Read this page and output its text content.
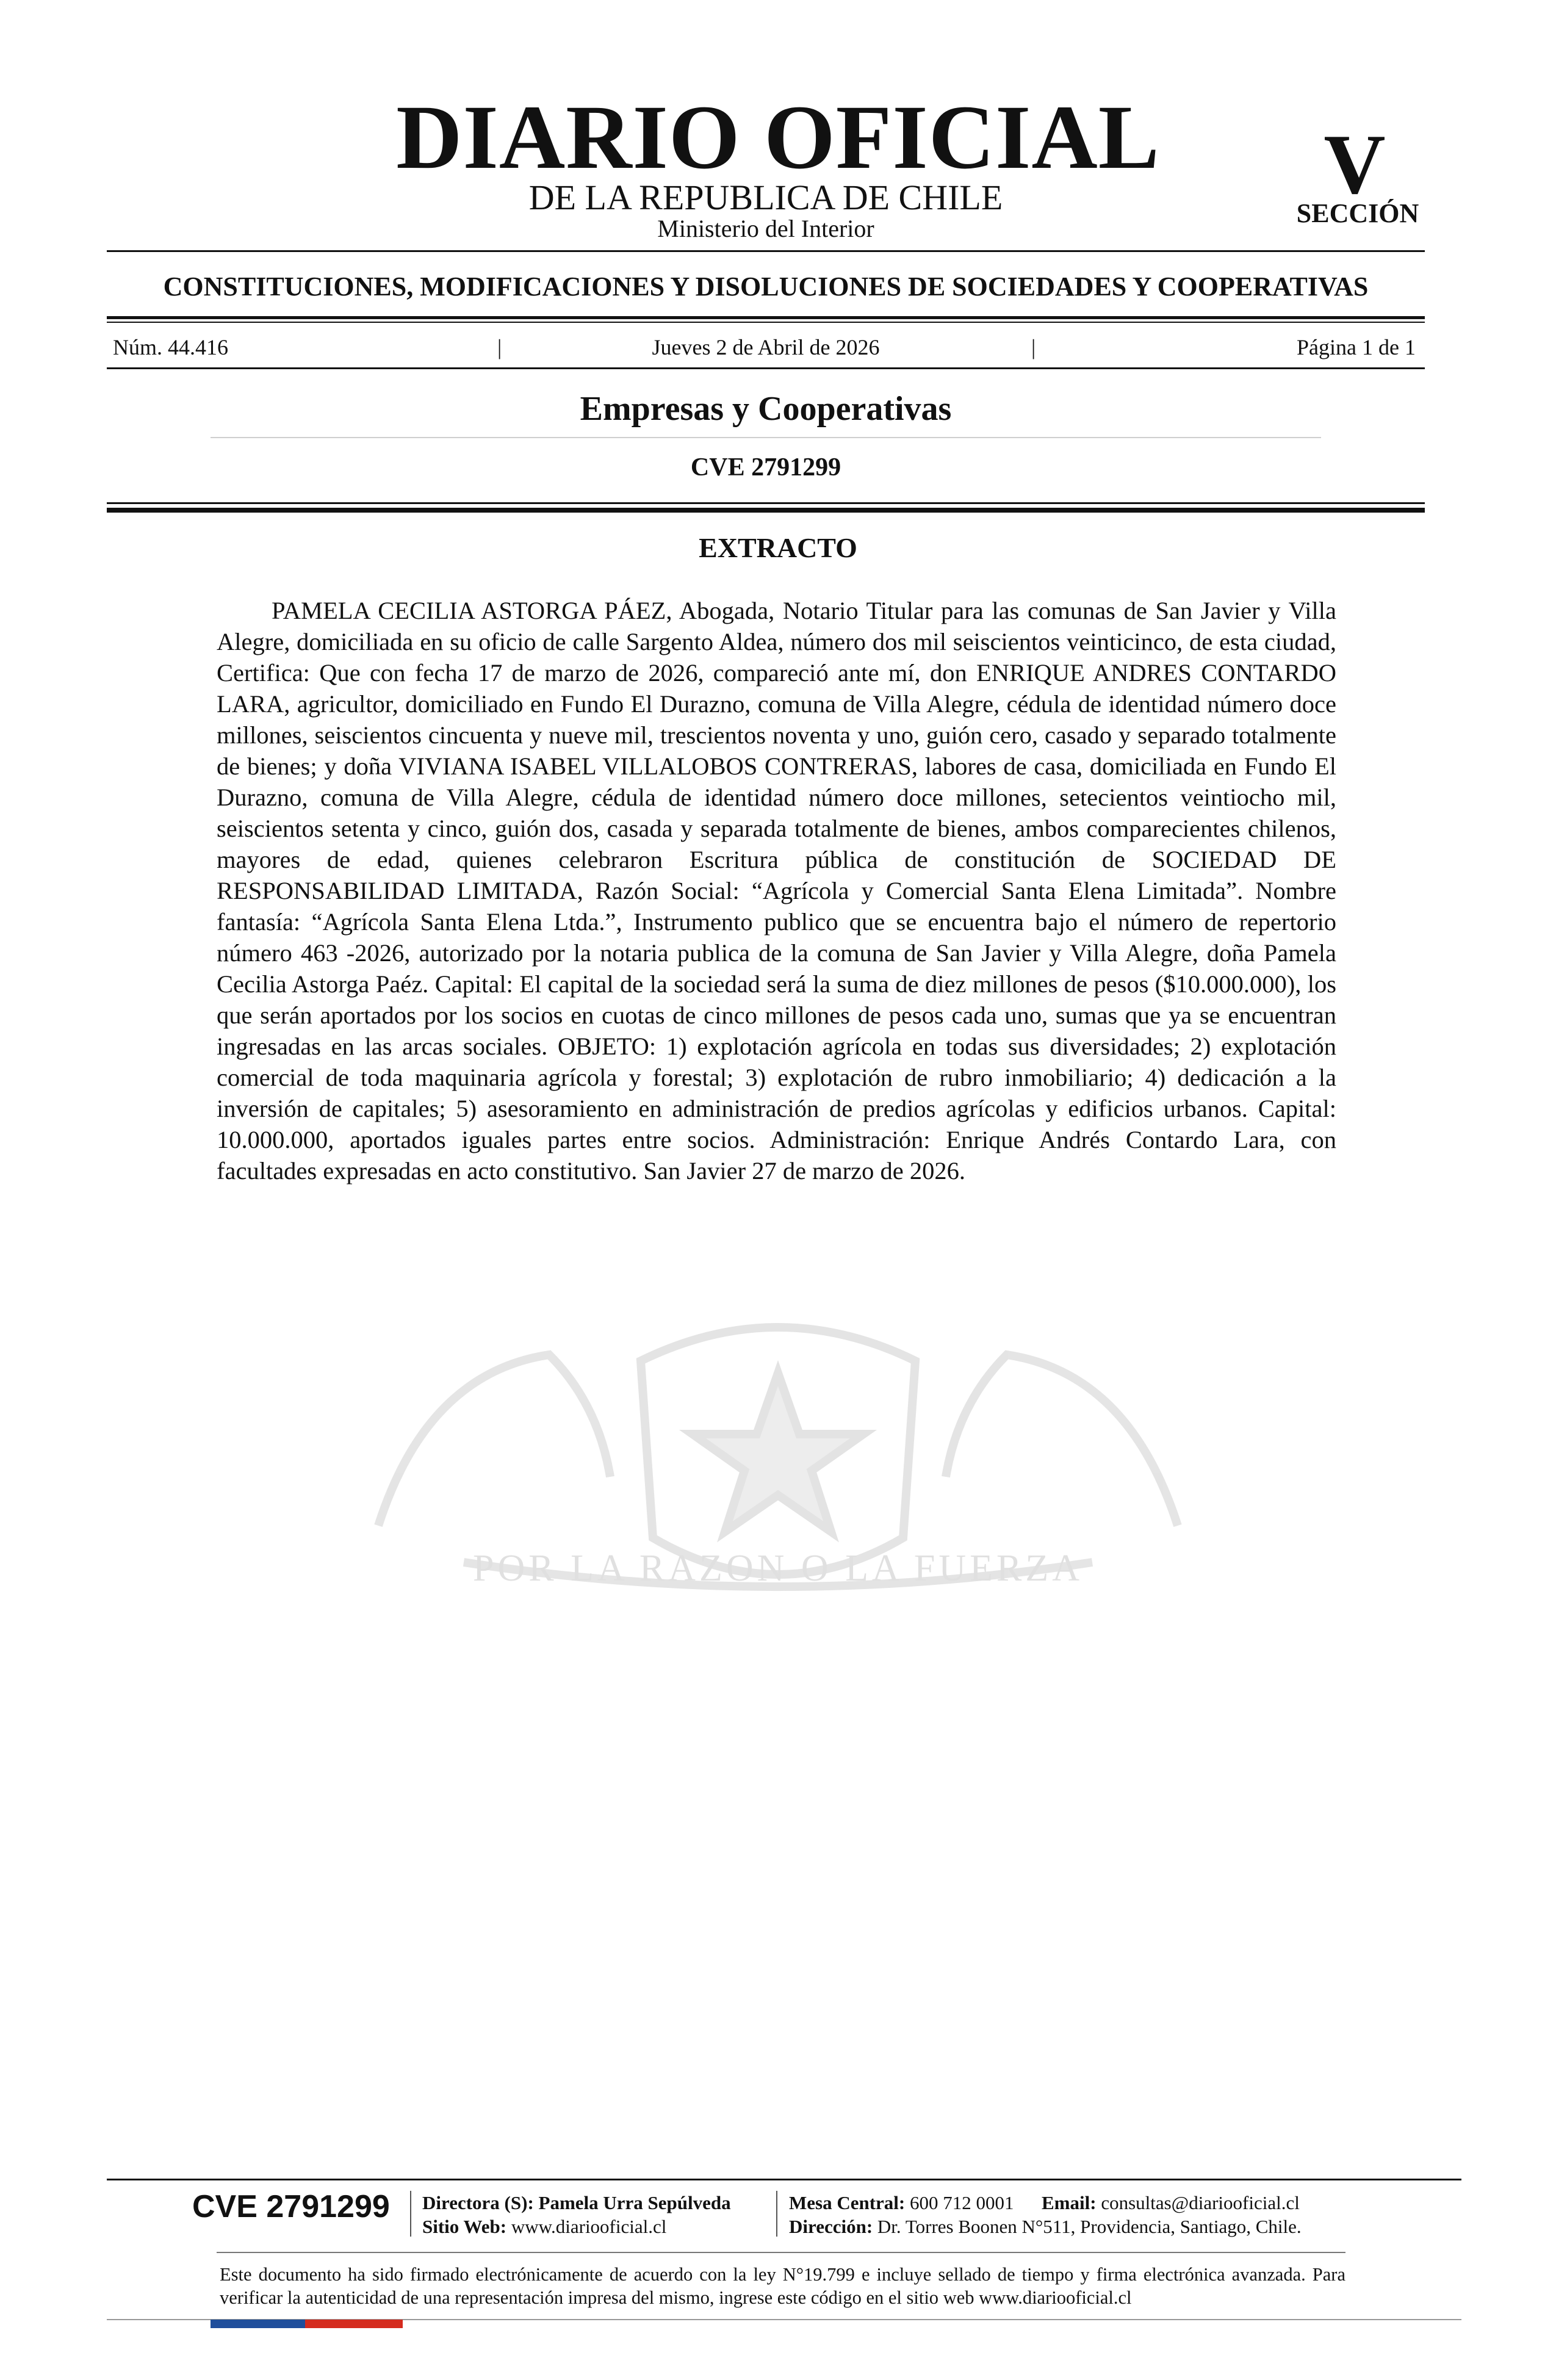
POR LA RAZON O LA FUERZA
DIARIO OFICIAL
DE LA REPUBLICA DE CHILE
Ministerio del Interior
V
SECCIÓN
CONSTITUCIONES, MODIFICACIONES Y DISOLUCIONES DE SOCIEDADES Y COOPERATIVAS
Núm. 44.416	|	Jueves 2 de Abril de 2026	|	Página 1 de 1
Empresas y Cooperativas
CVE 2791299
EXTRACTO

PAMELA CECILIA ASTORGA PÁEZ, Abogada, Notario Titular para las comunas de San Javier y Villa Alegre, domiciliada en su oficio de calle Sargento Aldea, número dos mil seiscientos veinticinco, de esta ciudad, Certifica: Que con fecha 17 de marzo de 2026, compareció ante mí, don ENRIQUE ANDRES CONTARDO LARA, agricultor, domiciliado en Fundo El Durazno, comuna de Villa Alegre, cédula de identidad número doce millones, seiscientos cincuenta y nueve mil, trescientos noventa y uno, guión cero, casado y separado totalmente de bienes; y doña VIVIANA ISABEL VILLALOBOS CONTRERAS, labores de casa, domiciliada en Fundo El Durazno, comuna de Villa Alegre, cédula de identidad número doce millones, setecientos veintiocho mil, seiscientos setenta y cinco, guión dos, casada y separada totalmente de bienes, ambos comparecientes chilenos, mayores de edad, quienes celebraron Escritura pública de constitución de SOCIEDAD DE RESPONSABILIDAD LIMITADA, Razón Social: “Agrícola y Comercial Santa Elena Limitada”. Nombre fantasía: “Agrícola Santa Elena Ltda.”, Instrumento publico que se encuentra bajo el número de repertorio número 463 -2026, autorizado por la notaria publica de la comuna de San Javier y Villa Alegre, doña Pamela Cecilia Astorga Paéz. Capital: El capital de la sociedad será la suma de diez millones de pesos ($10.000.000), los que serán aportados por los socios en cuotas de cinco millones de pesos cada uno, sumas que ya se encuentran ingresadas en las arcas sociales. OBJETO: 1) explotación agrícola en todas sus diversidades; 2) explotación comercial de toda maquinaria agrícola y forestal; 3) explotación de rubro inmobiliario; 4) dedicación a la inversión de capitales; 5) asesoramiento en administración de predios agrícolas y edificios urbanos. Capital: 10.000.000, aportados iguales partes entre socios. Administración: Enrique Andrés Contardo Lara, con facultades expresadas en acto constitutivo. San Javier 27 de marzo de 2026.

CVE 2791299 Directora (S): Pamela Urra Sepúlveda
Sitio Web: www.diariooficial.cl
Mesa Central: 600 712 0001 Email: consultas@diariooficial.cl
Dirección: Dr. Torres Boonen N°511, Providencia, Santiago, Chile.

Este documento ha sido firmado electrónicamente de acuerdo con la ley N°19.799 e incluye sellado de tiempo y firma electrónica avanzada. Para verificar la autenticidad de una representación impresa del mismo, ingrese este código en el sitio web www.diariooficial.cl
